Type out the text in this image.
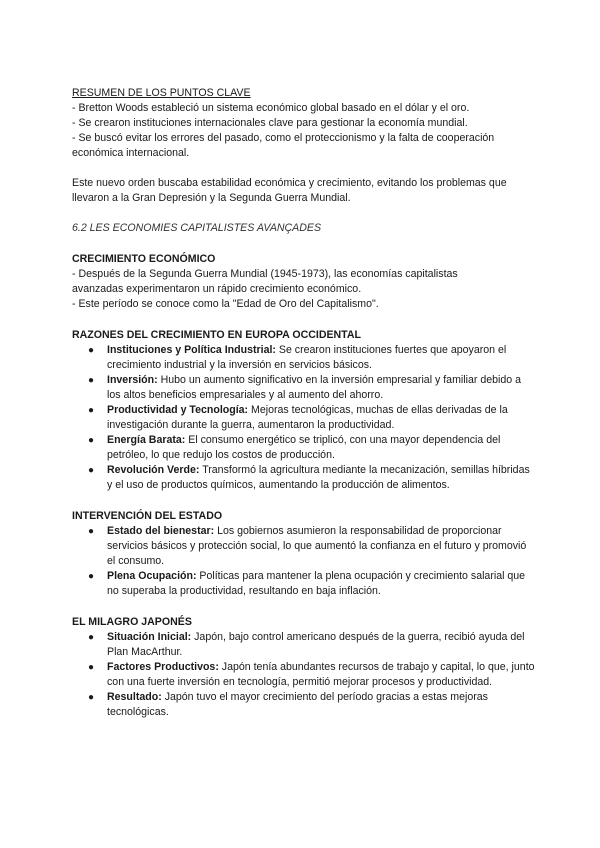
RESUMEN DE LOS PUNTOS CLAVE

- Bretton Woods estableció un sistema económico global basado en el dólar y el oro.

- Se crearon instituciones internacionales clave para gestionar la economía mundial.

- Se buscó evitar los errores del pasado, como el proteccionismo y la falta de cooperación económica internacional.

Este nuevo orden buscaba estabilidad económica y crecimiento, evitando los problemas que llevaron a la Gran Depresión y la Segunda Guerra Mundial.

6.2 LES ECONOMIES CAPITALISTES AVANÇADES

CRECIMIENTO ECONÓMICO

- Después de la Segunda Guerra Mundial (1945-1973), las economías capitalistas avanzadas experimentaron un rápido crecimiento económico.

- Este período se conoce como la "Edad de Oro del Capitalismo".

RAZONES DEL CRECIMIENTO EN EUROPA OCCIDENTAL

● Instituciones y Política Industrial: Se crearon instituciones fuertes que apoyaron el crecimiento industrial y la inversión en servicios básicos.
● Inversión: Hubo un aumento significativo en la inversión empresarial y familiar debido a los altos beneficios empresariales y al aumento del ahorro.
● Productividad y Tecnología: Mejoras tecnológicas, muchas de ellas derivadas de la investigación durante la guerra, aumentaron la productividad.
● Energía Barata: El consumo energético se triplicó, con una mayor dependencia del petróleo, lo que redujo los costos de producción.
● Revolución Verde: Transformó la agricultura mediante la mecanización, semillas híbridas y el uso de productos químicos, aumentando la producción de alimentos.

INTERVENCIÓN DEL ESTADO

● Estado del bienestar: Los gobiernos asumieron la responsabilidad de proporcionar servicios básicos y protección social, lo que aumentó la confianza en el futuro y promovió el consumo.
● Plena Ocupación: Políticas para mantener la plena ocupación y crecimiento salarial que no superaba la productividad, resultando en baja inflación.

EL MILAGRO JAPONÉS

● Situación Inicial: Japón, bajo control americano después de la guerra, recibió ayuda del Plan MacArthur.
● Factores Productivos: Japón tenía abundantes recursos de trabajo y capital, lo que, junto con una fuerte inversión en tecnología, permitió mejorar procesos y productividad.
● Resultado: Japón tuvo el mayor crecimiento del período gracias a estas mejoras tecnológicas.
